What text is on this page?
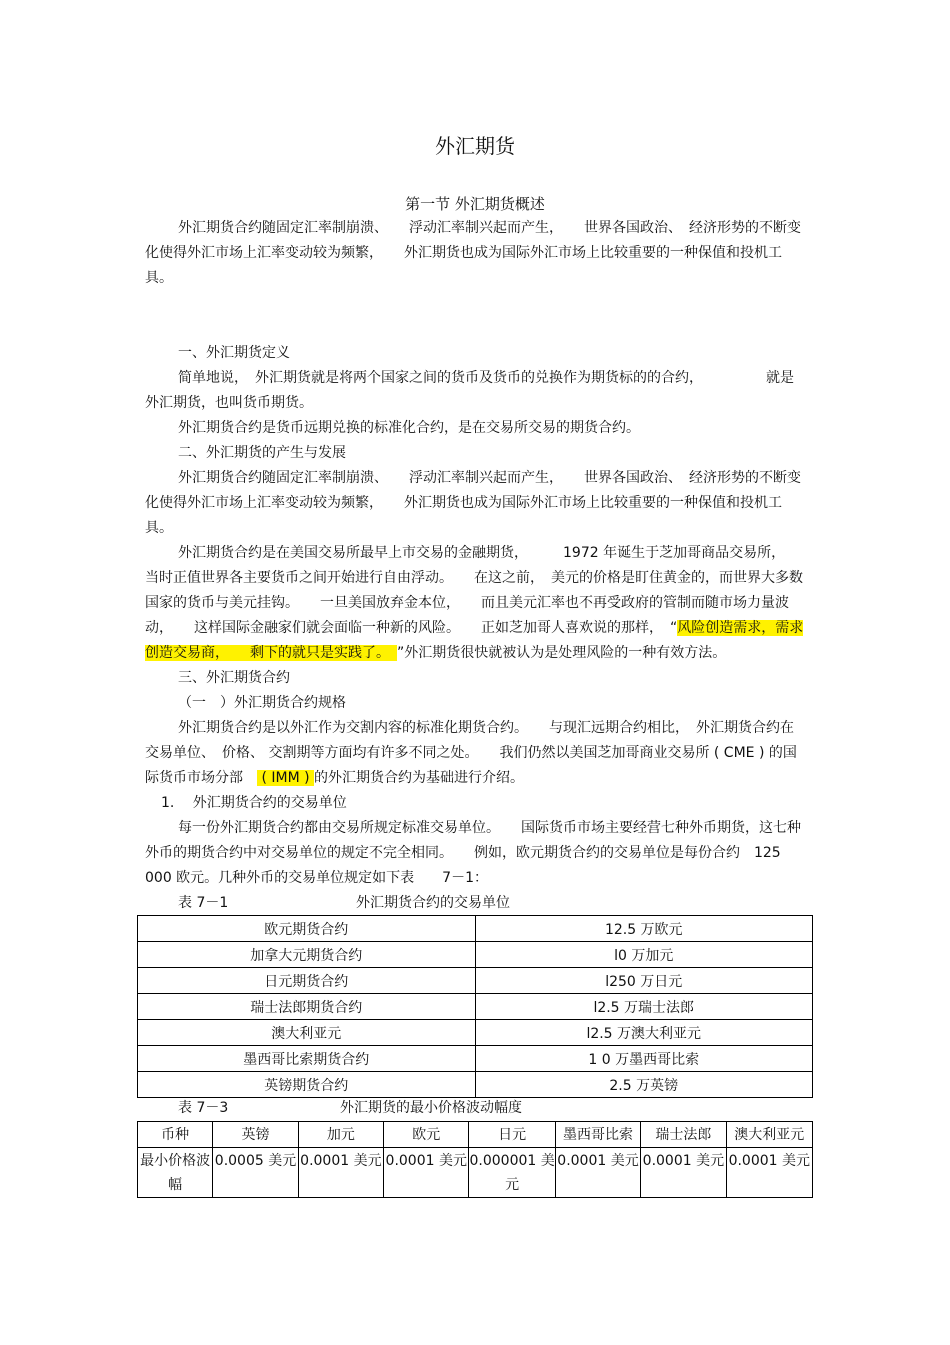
外汇期货
第一节 外汇期货概述

外汇期货合约随固定汇率制崩溃、　　浮动汇率制兴起而产生，　　世界各国政治、　经济形势的不断变化使得外汇市场上汇率变动较为频繁，　　外汇期货也成为国际外汇市场上比较重要的一种保值和投机工具。

一、外汇期货定义

简单地说，　外汇期货就是将两个国家之间的货币及货币的兑换作为期货标的的合约，　　　　　就是外汇期货，也叫货币期货。

外汇期货合约是货币远期兑换的标准化合约，是在交易所交易的期货合约。

二、外汇期货的产生与发展

外汇期货合约随固定汇率制崩溃、　　浮动汇率制兴起而产生，　　世界各国政治、　经济形势的不断变化使得外汇市场上汇率变动较为频繁，　　外汇期货也成为国际外汇市场上比较重要的一种保值和投机工具。

外汇期货合约是在美国交易所最早上市交易的金融期货，　　　1972 年诞生于芝加哥商品交易所，　当时正值世界各主要货币之间开始进行自由浮动。　　在这之前，　美元的价格是盯住黄金的，而世界大多数国家的货币与美元挂钩。　　一旦美国放弃金本位，　　而且美元汇率也不再受政府的管制而随市场力量波动，　　这样国际金融家们就会面临一种新的风险。　　正如芝加哥人喜欢说的那样，　“风险创造需求，需求创造交易商，　　剩下的就只是实践了。　”外汇期货很快就被认为是处理风险的一种有效方法。

三、外汇期货合约

（一　）外汇期货合约规格

外汇期货合约是以外汇作为交割内容的标准化期货合约。　　与现汇远期合约相比，　外汇期货合约在交易单位、　价格、 交割期等方面均有许多不同之处。　　我们仍然以美国芝加哥商业交易所 ( CME ) 的国际货币市场分部　 ( IMM ) 的外汇期货合约为基础进行介绍。

1.　 外汇期货合约的交易单位

每一份外汇期货合约都由交易所规定标准交易单位。　　国际货币市场主要经营七种外币期货，这七种外币的期货合约中对交易单位的规定不完全相同。　　例如，欧元期货合约的交易单位是每份合约　125 000 欧元。几种外币的交易单位规定如下表　　7－1：

表 7－1	外汇期货合约的交易单位
欧元期货合约	12.5 万欧元
加拿大元期货合约	l0 万加元
日元期货合约	l250 万日元
瑞士法郎期货合约	l2.5 万瑞士法郎
澳大利亚元	l2.5 万澳大利亚元
墨西哥比索期货合约	1 0 万墨西哥比索
英镑期货合约	2.5 万英镑
表 7－3	外汇期货的最小价格波动幅度
币种	英镑	加元	欧元	日元	墨西哥比索	瑞士法郎	澳大利亚元
最小价格波幅	0.0005 美元	0.0001 美元	0.0001 美元	0.000001 美元	0.0001 美元	0.0001 美元	0.0001 美元
